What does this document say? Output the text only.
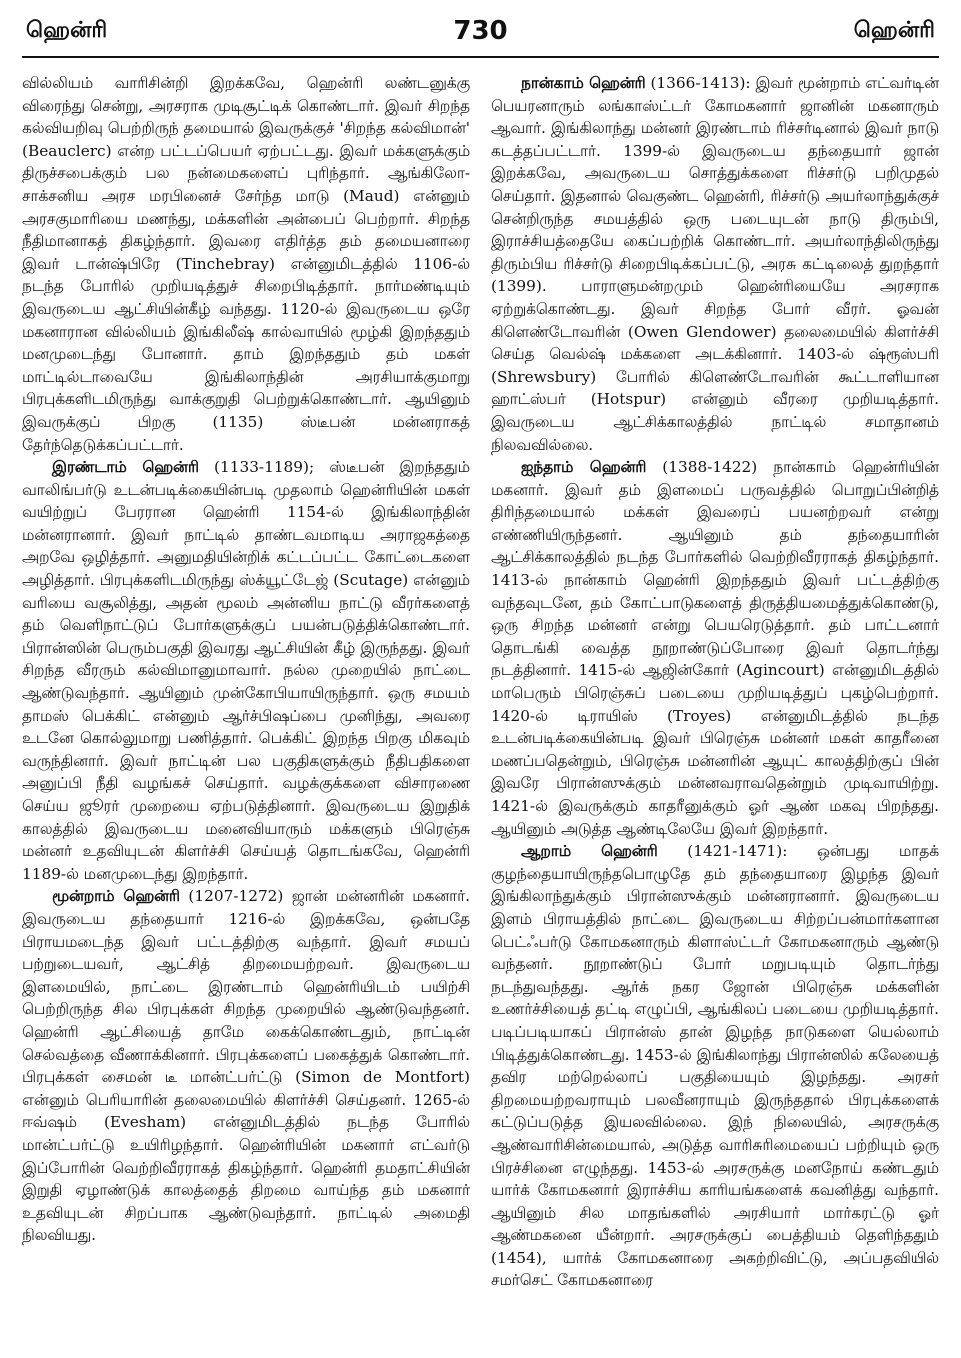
ஹென்ரி	730	ஹென்ரி

வில்லியம் வாரிசின்றி இறக்கவே, ஹென்ரி லண்டனுக்கு விரைந்து சென்று, அரசராக முடிசூட்டிக் கொண்டார். இவர் சிறந்த கல்வியறிவு பெற்றிருந் தமையால் இவருக்குச் 'சிறந்த கல்விமான்' (Beauclerc) என்ற பட்டப்பெயர் ஏற்பட்டது. இவர் மக்களுக்கும் திருச்சபைக்கும் பல நன்மைகளைப் புரிந்தார். ஆங்கிலோ-சாக்சனிய அரச மரபினைச் சேர்ந்த மாடு (Maud) என்னும் அரசகுமாரியை மணந்து, மக்களின் அன்பைப் பெற்றார். சிறந்த நீதிமானாகத் திகழ்ந்தார். இவரை எதிர்த்த தம் தமையனாரை இவர் டான்ஷ்பிரே (Tinchebray) என்னுமிடத்தில் 1106-ல் நடந்த போரில் முறியடித்துச் சிறைபிடித்தார். நார்மண்டியும் இவருடைய ஆட்சியின்கீழ் வந்தது. 1120-ல் இவருடைய ஒரே மகனாரான வில்லியம் இங்கிலீஷ் கால்வாயில் மூழ்கி இறந்ததும் மனமுடைந்து போனார். தாம் இறந்ததும் தம் மகள் மாட்டில்டாவையே இங்கிலாந்தின் அரசியாக்குமாறு பிரபுக்களிடமிருந்து வாக்குறுதி பெற்றுக்கொண்டார். ஆயினும் இவருக்குப் பிறகு (1135) ஸ்டீபன் மன்னராகத் தேர்ந்தெடுக்கப்பட்டார்.

இரண்டாம் ஹென்ரி (1133-1189); ஸ்டீபன் இறந்ததும் வாலிங்பர்டு உடன்படிக்கையின்படி முதலாம் ஹென்ரியின் மகள் வயிற்றுப் பேரரான ஹென்ரி 1154-ல் இங்கிலாந்தின் மன்னரானார். இவர் நாட்டில் தாண்டவமாடிய அராஜகத்தை அறவே ஒழித்தார். அனுமதியின்றிக் கட்டப்பட்ட கோட்டைகளை அழித்தார். பிரபுக்களிடமிருந்து ஸ்க்யூட்டேஜ் (Scutage) என்னும் வரியை வசூலித்து, அதன் மூலம் அன்னிய நாட்டு வீரர்களைத் தம் வெளிநாட்டுப் போர்களுக்குப் பயன்படுத்திக்கொண்டார். பிரான்ஸின் பெரும்பகுதி இவரது ஆட்சியின் கீழ் இருந்தது. இவர் சிறந்த வீரரும் கல்விமானுமாவார். நல்ல முறையில் நாட்டை ஆண்டுவந்தார். ஆயினும் முன்கோபியாயிருந்தார். ஒரு சமயம் தாமஸ் பெக்கிட் என்னும் ஆர்ச்பிஷப்பை முனிந்து, அவரை உடனே கொல்லுமாறு பணித்தார். பெக்கிட் இறந்த பிறகு மிகவும் வருந்தினார். இவர் நாட்டின் பல பகுதிகளுக்கும் நீதிபதிகளை அனுப்பி நீதி வழங்கச் செய்தார். வழக்குக்களை விசாரணை செய்ய ஜூரர் முறையை ஏற்படுத்தினார். இவருடைய இறுதிக் காலத்தில் இவருடைய மனைவியாரும் மக்களும் பிரெஞ்சு மன்னர் உதவியுடன் கிளர்ச்சி செய்யத் தொடங்கவே, ஹென்ரி 1189-ல் மனமுடைந்து இறந்தார்.

மூன்றாம் ஹென்ரி (1207-1272) ஜான் மன்னரின் மகனார். இவருடைய தந்தையார் 1216-ல் இறக்கவே, ஒன்பதே பிராயமடைந்த இவர் பட்டத்திற்கு வந்தார். இவர் சமயப் பற்றுடையவர், ஆட்சித் திறமையற்றவர். இவருடைய இளமையில், நாட்டை இரண்டாம் ஹென்ரியிடம் பயிற்சி பெற்றிருந்த சில பிரபுக்கள் சிறந்த முறையில் ஆண்டுவந்தனர். ஹென்ரி ஆட்சியைத் தாமே கைக்கொண்டதும், நாட்டின் செல்வத்தை வீணாக்கினார். பிரபுக்களைப் பகைத்துக் கொண்டார். பிரபுக்கள் சைமன் டீ மான்ட்பர்ட்டு (Simon de Montfort) என்னும் பெரியாரின் தலைமையில் கிளர்ச்சி செய்தனர். 1265-ல் ஈவ்ஷம் (Evesham) என்னுமிடத்தில் நடந்த போரில் மான்ட்பர்ட்டு உயிரிழந்தார். ஹென்ரியின் மகனார் எட்வர்டு இப்போரின் வெற்றிவீரராகத் திகழ்ந்தார். ஹென்ரி தமதாட்சியின் இறுதி ஏழாண்டுக் காலத்தைத் திறமை வாய்ந்த தம் மகனார் உதவியுடன் சிறப்பாக ஆண்டுவந்தார். நாட்டில் அமைதி நிலவியது.

நான்காம் ஹென்ரி (1366-1413): இவர் மூன்றாம் எட்வர்டின் பெயரனாரும் லங்காஸ்ட்டர் கோமகனார் ஜானின் மகனாரும் ஆவார். இங்கிலாந்து மன்னர் இரண்டாம் ரிச்சர்டினால் இவர் நாடு கடத்தப்பட்டார். 1399-ல் இவருடைய தந்தையார் ஜான் இறக்கவே, அவருடைய சொத்துக்களை ரிச்சர்டு பறிமுதல் செய்தார். இதனால் வெகுண்ட ஹென்ரி, ரிச்சர்டு அயர்லாந்துக்குச் சென்றிருந்த சமயத்தில் ஒரு படையுடன் நாடு திரும்பி, இராச்சியத்தையே கைப்பற்றிக் கொண்டார். அயர்லாந்திலிருந்து திரும்பிய ரிச்சர்டு சிறைபிடிக்கப்பட்டு, அரசு கட்டிலைத் துறந்தார் (1399). பாராளுமன்றமும் ஹென்ரியையே அரசராக ஏற்றுக்கொண்டது. இவர் சிறந்த போர் வீரர். ஓவன் கிளெண்டோவரின் (Owen Glendower) தலைமையில் கிளர்ச்சி செய்த வெல்ஷ் மக்களை அடக்கினார். 1403-ல் ஷ்ரூஸ்பரி (Shrewsbury) போரில் கிளெண்டோவரின் கூட்டாளியான ஹாட்ஸ்பர் (Hotspur) என்னும் வீரரை முறியடித்தார். இவருடைய ஆட்சிக்காலத்தில் நாட்டில் சமாதானம் நிலவவில்லை.

ஐந்தாம் ஹென்ரி (1388-1422) நான்காம் ஹென்ரியின் மகனார். இவர் தம் இளமைப் பருவத்தில் பொறுப்பின்றித் திரிந்தமையால் மக்கள் இவரைப் பயனற்றவர் என்று எண்ணியிருந்தனர். ஆயினும் தம் தந்தையாரின் ஆட்சிக்காலத்தில் நடந்த போர்களில் வெற்றிவீரராகத் திகழ்ந்தார். 1413-ல் நான்காம் ஹென்ரி இறந்ததும் இவர் பட்டத்திற்கு வந்தவுடனே, தம் கோட்பாடுகளைத் திருத்தியமைத்துக்கொண்டு, ஒரு சிறந்த மன்னர் என்று பெயரெடுத்தார். தம் பாட்டனார் தொடங்கி வைத்த நூறாண்டுப்போரை இவர் தொடர்ந்து நடத்தினார். 1415-ல் ஆஜின்கோர் (Agincourt) என்னுமிடத்தில் மாபெரும் பிரெஞ்சுப் படையை முறியடித்துப் புகழ்பெற்றார். 1420-ல் டிராயிஸ் (Troyes) என்னுமிடத்தில் நடந்த உடன்படிக்கையின்படி இவர் பிரெஞ்சு மன்னர் மகள் காதரீனை மணப்பதென்றும், பிரெஞ்சு மன்னரின் ஆயுட் காலத்திற்குப் பின் இவரே பிரான்ஸுக்கும் மன்னவராவதென்றும் முடிவாயிற்று. 1421-ல் இவருக்கும் காதரீனுக்கும் ஓர் ஆண் மகவு பிறந்தது. ஆயினும் அடுத்த ஆண்டிலேயே இவர் இறந்தார்.

ஆறாம் ஹென்ரி (1421-1471): ஒன்பது மாதக் குழந்தையாயிருந்தபொழுதே தம் தந்தையாரை இழந்த இவர் இங்கிலாந்துக்கும் பிரான்ஸுக்கும் மன்னரானார். இவருடைய இளம் பிராயத்தில் நாட்டை இவருடைய சிற்றப்பன்மார்களான பெட்ஃபர்டு கோமகனாரும் கிளாஸ்ட்டர் கோமகனாரும் ஆண்டு வந்தனர். நூறாண்டுப் போர் மறுபடியும் தொடர்ந்து நடந்துவந்தது. ஆர்க் நகர ஜோன் பிரெஞ்சு மக்களின் உணர்ச்சியைத் தட்டி எழுப்பி, ஆங்கிலப் படையை முறியடித்தார். படிப்படியாகப் பிரான்ஸ் தான் இழந்த நாடுகளை யெல்லாம் பிடித்துக்கொண்டது. 1453-ல் இங்கிலாந்து பிரான்ஸில் கலேயைத் தவிர மற்றெல்லாப் பகுதியையும் இழந்தது. அரசர் திறமையற்றவராயும் பலவீனராயும் இருந்ததால் பிரபுக்களைக் கட்டுப்படுத்த இயலவில்லை. இந் நிலையில், அரசருக்கு ஆண்வாரிசின்மையால், அடுத்த வாரிசுரிமையைப் பற்றியும் ஒரு பிரச்சினை எழுந்தது. 1453-ல் அரசருக்கு மனநோய் கண்டதும் யார்க் கோமகனார் இராச்சிய காரியங்களைக் கவனித்து வந்தார். ஆயினும் சில மாதங்களில் அரசியார் மார்கரட்டு ஓர் ஆண்மகனை யீன்றார். அரசருக்குப் பைத்தியம் தெளிந்ததும் (1454), யார்க் கோமகனாரை அகற்றிவிட்டு, அப்பதவியில் சமர்செட் கோமகனாரை
